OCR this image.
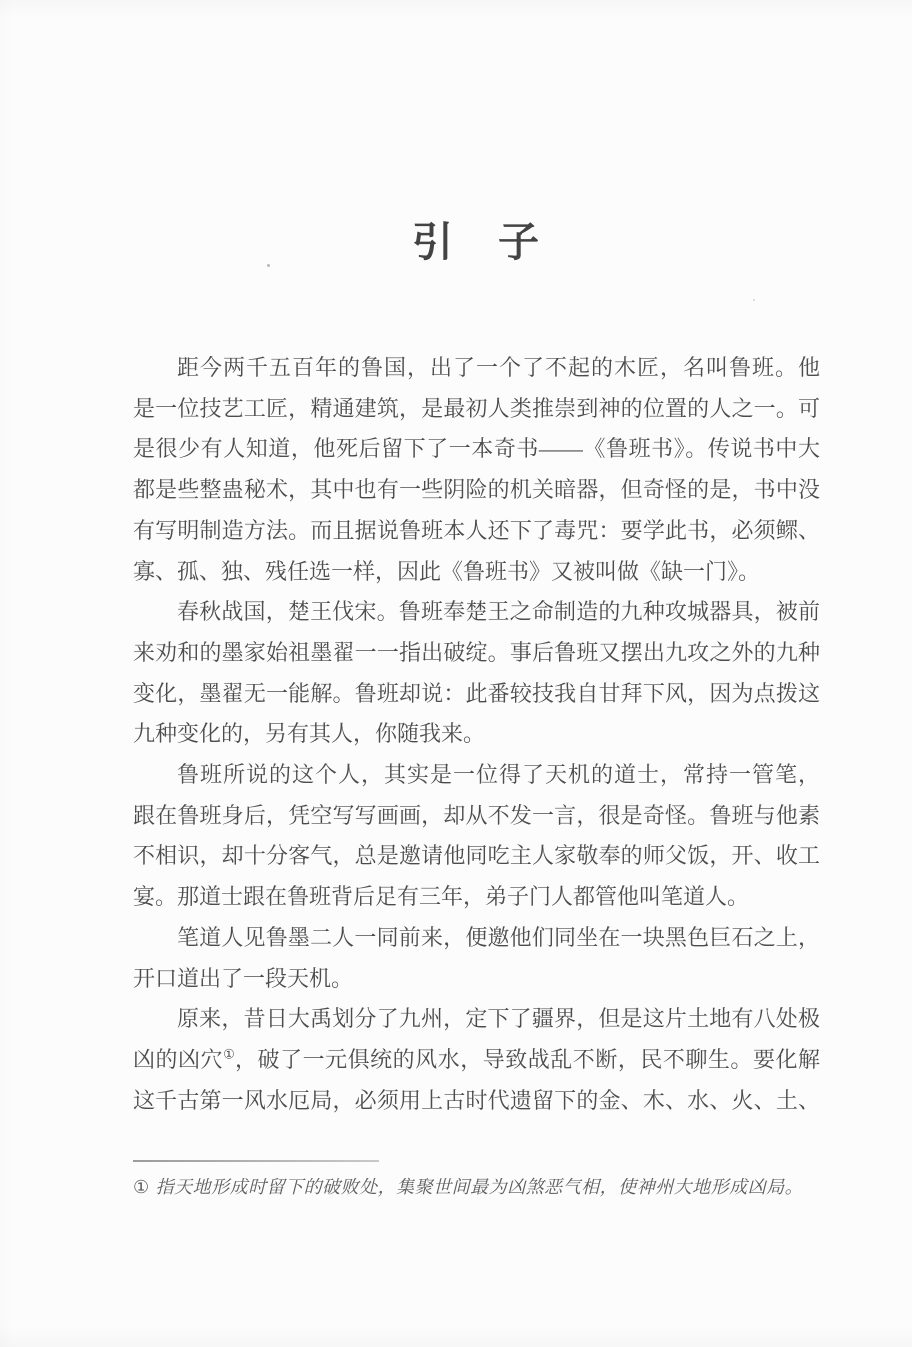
引　子
距今两千五百年的鲁国，出了一个了不起的木匠，名叫鲁班。他
是一位技艺工匠，精通建筑，是最初人类推崇到神的位置的人之一。可
是很少有人知道，他死后留下了一本奇书——《鲁班书》。传说书中大
都是些整蛊秘术，其中也有一些阴险的机关暗器，但奇怪的是，书中没
有写明制造方法。而且据说鲁班本人还下了毒咒：要学此书，必须鳏、
寡、孤、独、残任选一样，因此《鲁班书》又被叫做《缺一门》。
春秋战国，楚王伐宋。鲁班奉楚王之命制造的九种攻城器具，被前
来劝和的墨家始祖墨翟一一指出破绽。事后鲁班又摆出九攻之外的九种
变化，墨翟无一能解。鲁班却说：此番较技我自甘拜下风，因为点拨这
九种变化的，另有其人，你随我来。
鲁班所说的这个人，其实是一位得了天机的道士，常持一管笔，
跟在鲁班身后，凭空写写画画，却从不发一言，很是奇怪。鲁班与他素
不相识，却十分客气，总是邀请他同吃主人家敬奉的师父饭，开、收工
宴。那道士跟在鲁班背后足有三年，弟子门人都管他叫笔道人。
笔道人见鲁墨二人一同前来，便邀他们同坐在一块黑色巨石之上，
开口道出了一段天机。
原来，昔日大禹划分了九州，定下了疆界，但是这片土地有八处极
凶的凶穴①，破了一元俱统的风水，导致战乱不断，民不聊生。要化解
这千古第一风水厄局，必须用上古时代遗留下的金、木、水、火、土、
① 指天地形成时留下的破败处，集聚世间最为凶煞恶气相，使神州大地形成凶局。
